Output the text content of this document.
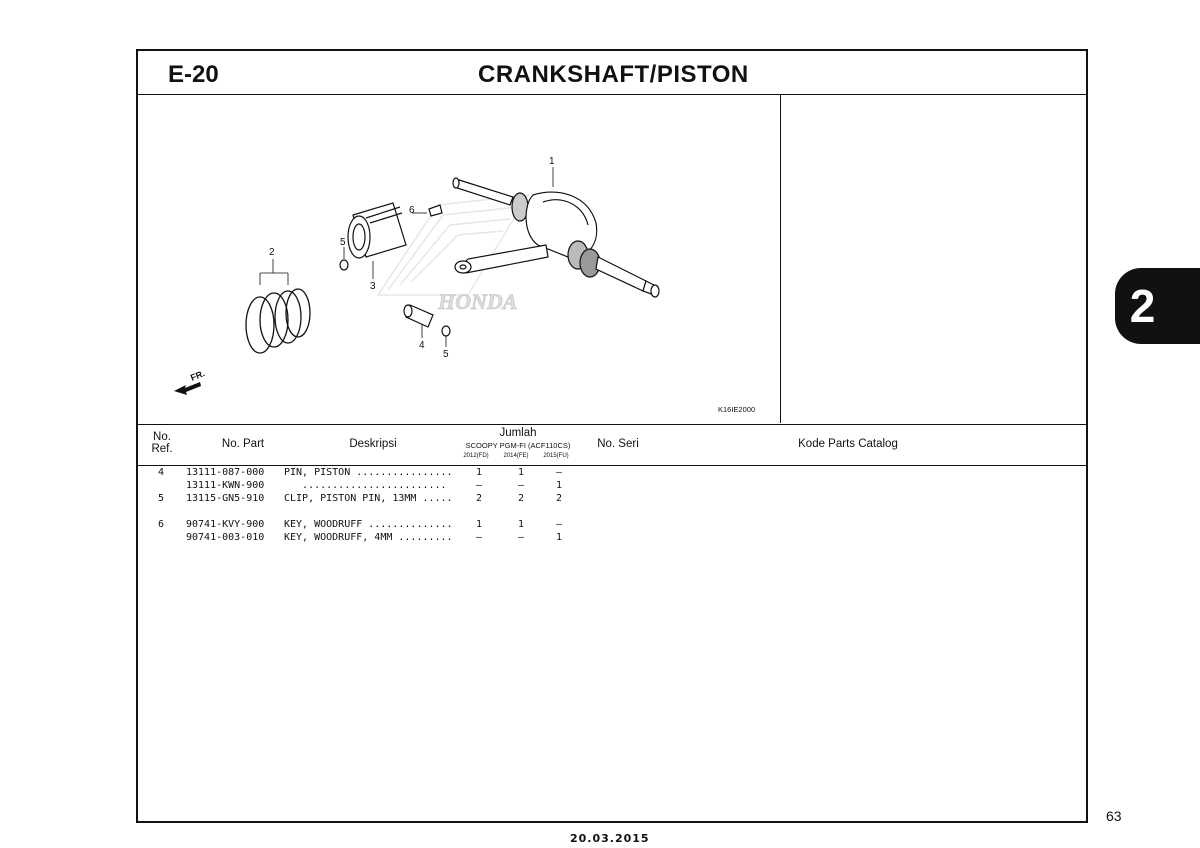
E-20	CRANKSHAFT/PISTON
HONDA
1
2
3
4
5
5
6
FR.
K16IE2000
No.
Ref.	No. Part	Deskripsi
Jumlah
SCOOPY PGM-FI (ACF110CS)
2012(FD)	2014(FE)	2015(FU)
No. Seri	Kode Parts Catalog
4 13111-087-000 PIN, PISTON ................ 1	1	–
13111-KWN-900 ........................	–	–	1
5 13115-GN5-910 CLIP, PISTON PIN, 13MM ..... 2	2	2
6 90741-KVY-900 KEY, WOODRUFF .............. 1	1	–
90741-003-010 KEY, WOODRUFF, 4MM ......... –	–	1
2
63
20.03.2015
